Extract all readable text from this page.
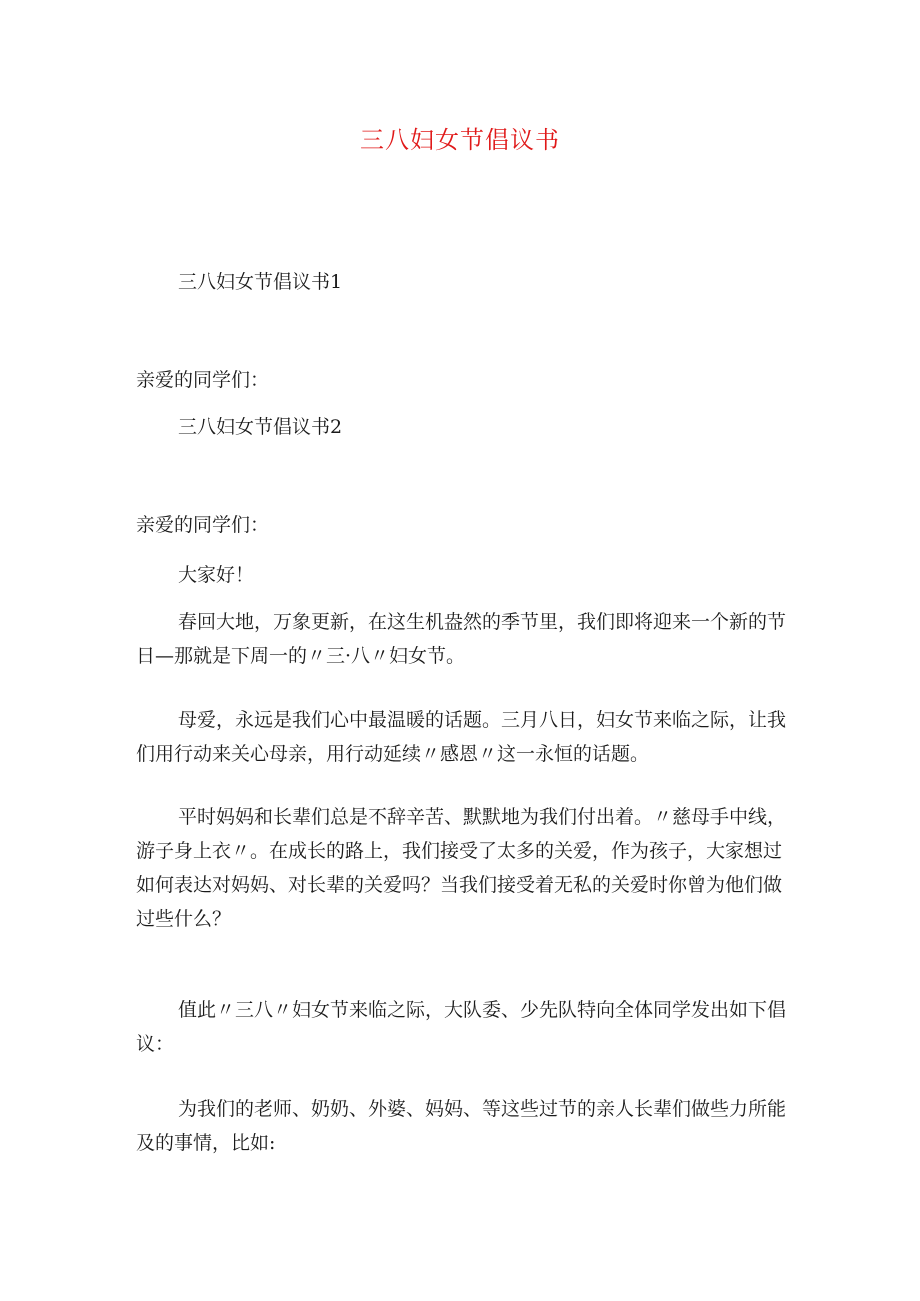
三八妇女节倡议书

三八妇女节倡议书1

亲爱的同学们：

三八妇女节倡议书2

亲爱的同学们：

大家好！

春回大地，万象更新，在这生机盎然的季节里，我们即将迎来一个新的节日—那就是下周一的〃三·八〃妇女节。

母爱，永远是我们心中最温暖的话题。三月八日，妇女节来临之际，让我们用行动来关心母亲，用行动延续〃感恩〃这一永恒的话题。

平时妈妈和长辈们总是不辞辛苦、默默地为我们付出着。〃慈母手中线，游子身上衣〃。在成长的路上，我们接受了太多的关爱，作为孩子，大家想过如何表达对妈妈、对长辈的关爱吗？当我们接受着无私的关爱时你曾为他们做过些什么？

值此〃三八〃妇女节来临之际，大队委、少先队特向全体同学发出如下倡议：

为我们的老师、奶奶、外婆、妈妈、等这些过节的亲人长辈们做些力所能及的事情，比如:
